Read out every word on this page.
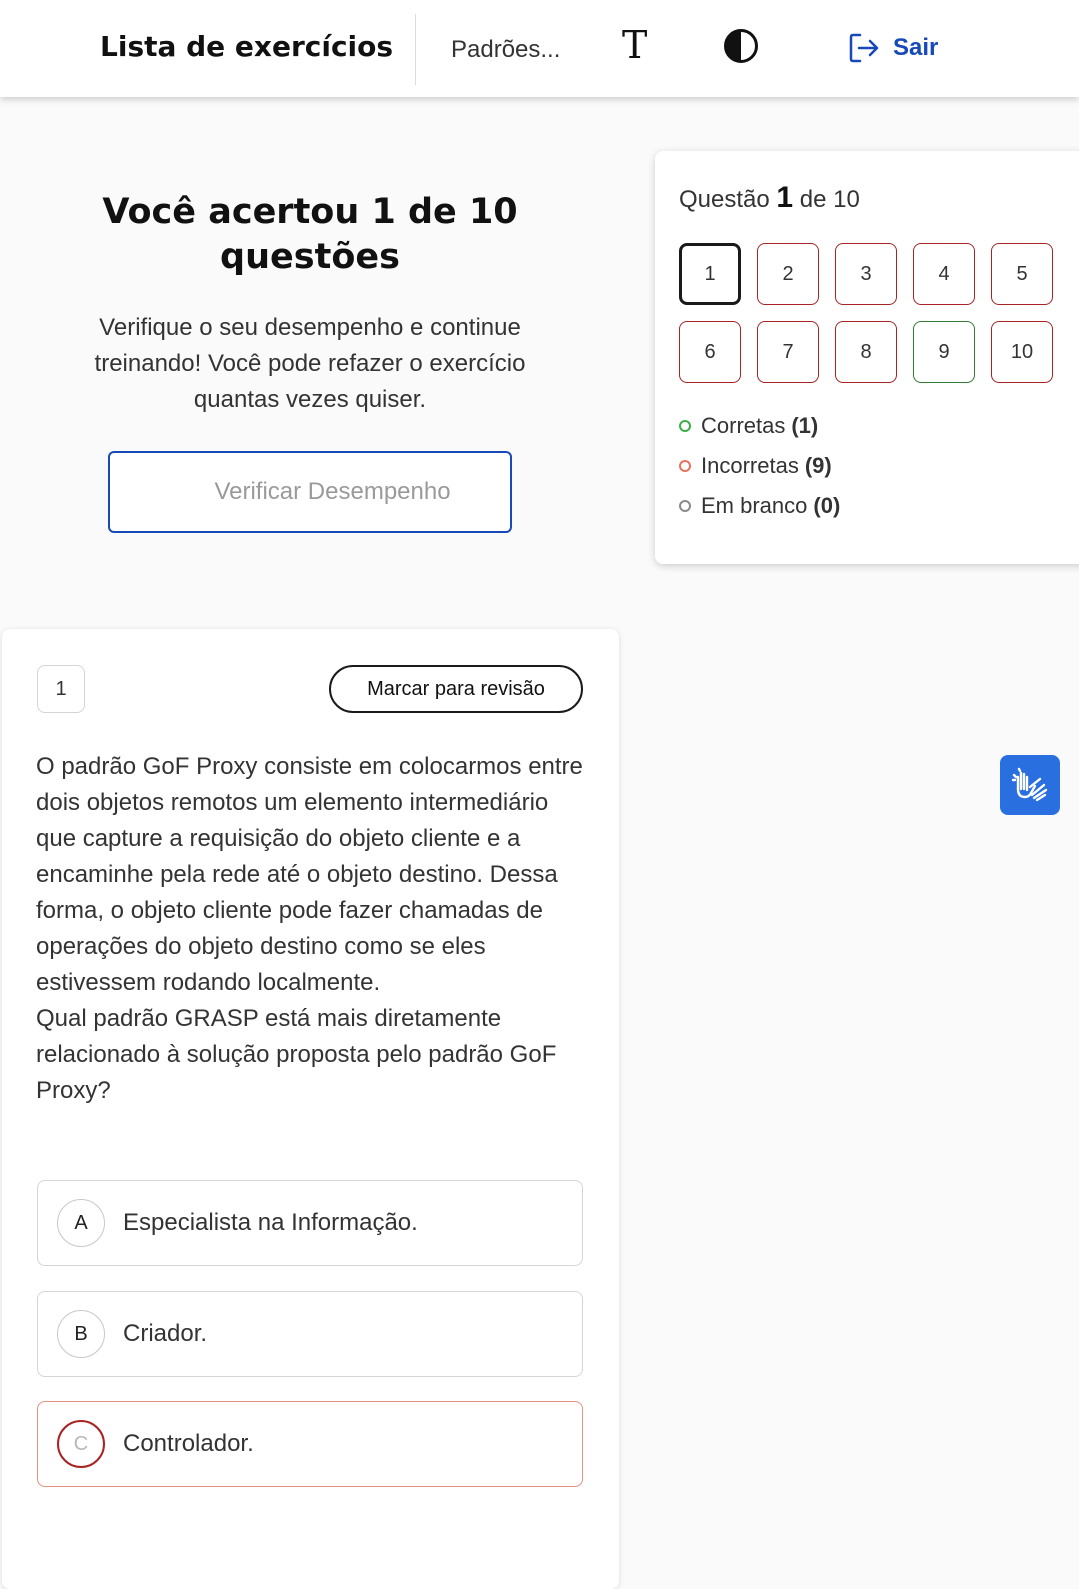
Lista de exercícios Padrões... T	Sair
Você acertou 1 de 10 questões

Verifique o seu desempenho e continue treinando! Você pode refazer o exercício quantas vezes quiser.

Verificar Desempenho
Questão 1 de 10
1	2	3	4	5
6	7	8	9	10
Corretas (1)
Incorretas (9)
Em branco (0)
1	Marcar para revisão

O padrão GoF Proxy consiste em colocarmos entre dois objetos remotos um elemento intermediário que capture a requisição do objeto cliente e a encaminhe pela rede até o objeto destino. Dessa forma, o objeto cliente pode fazer chamadas de operações do objeto destino como se eles estivessem rodando localmente.

Qual padrão GRASP está mais diretamente relacionado à solução proposta pelo padrão GoF Proxy?

A	Especialista na Informação.
B	Criador.
C	Controlador.
